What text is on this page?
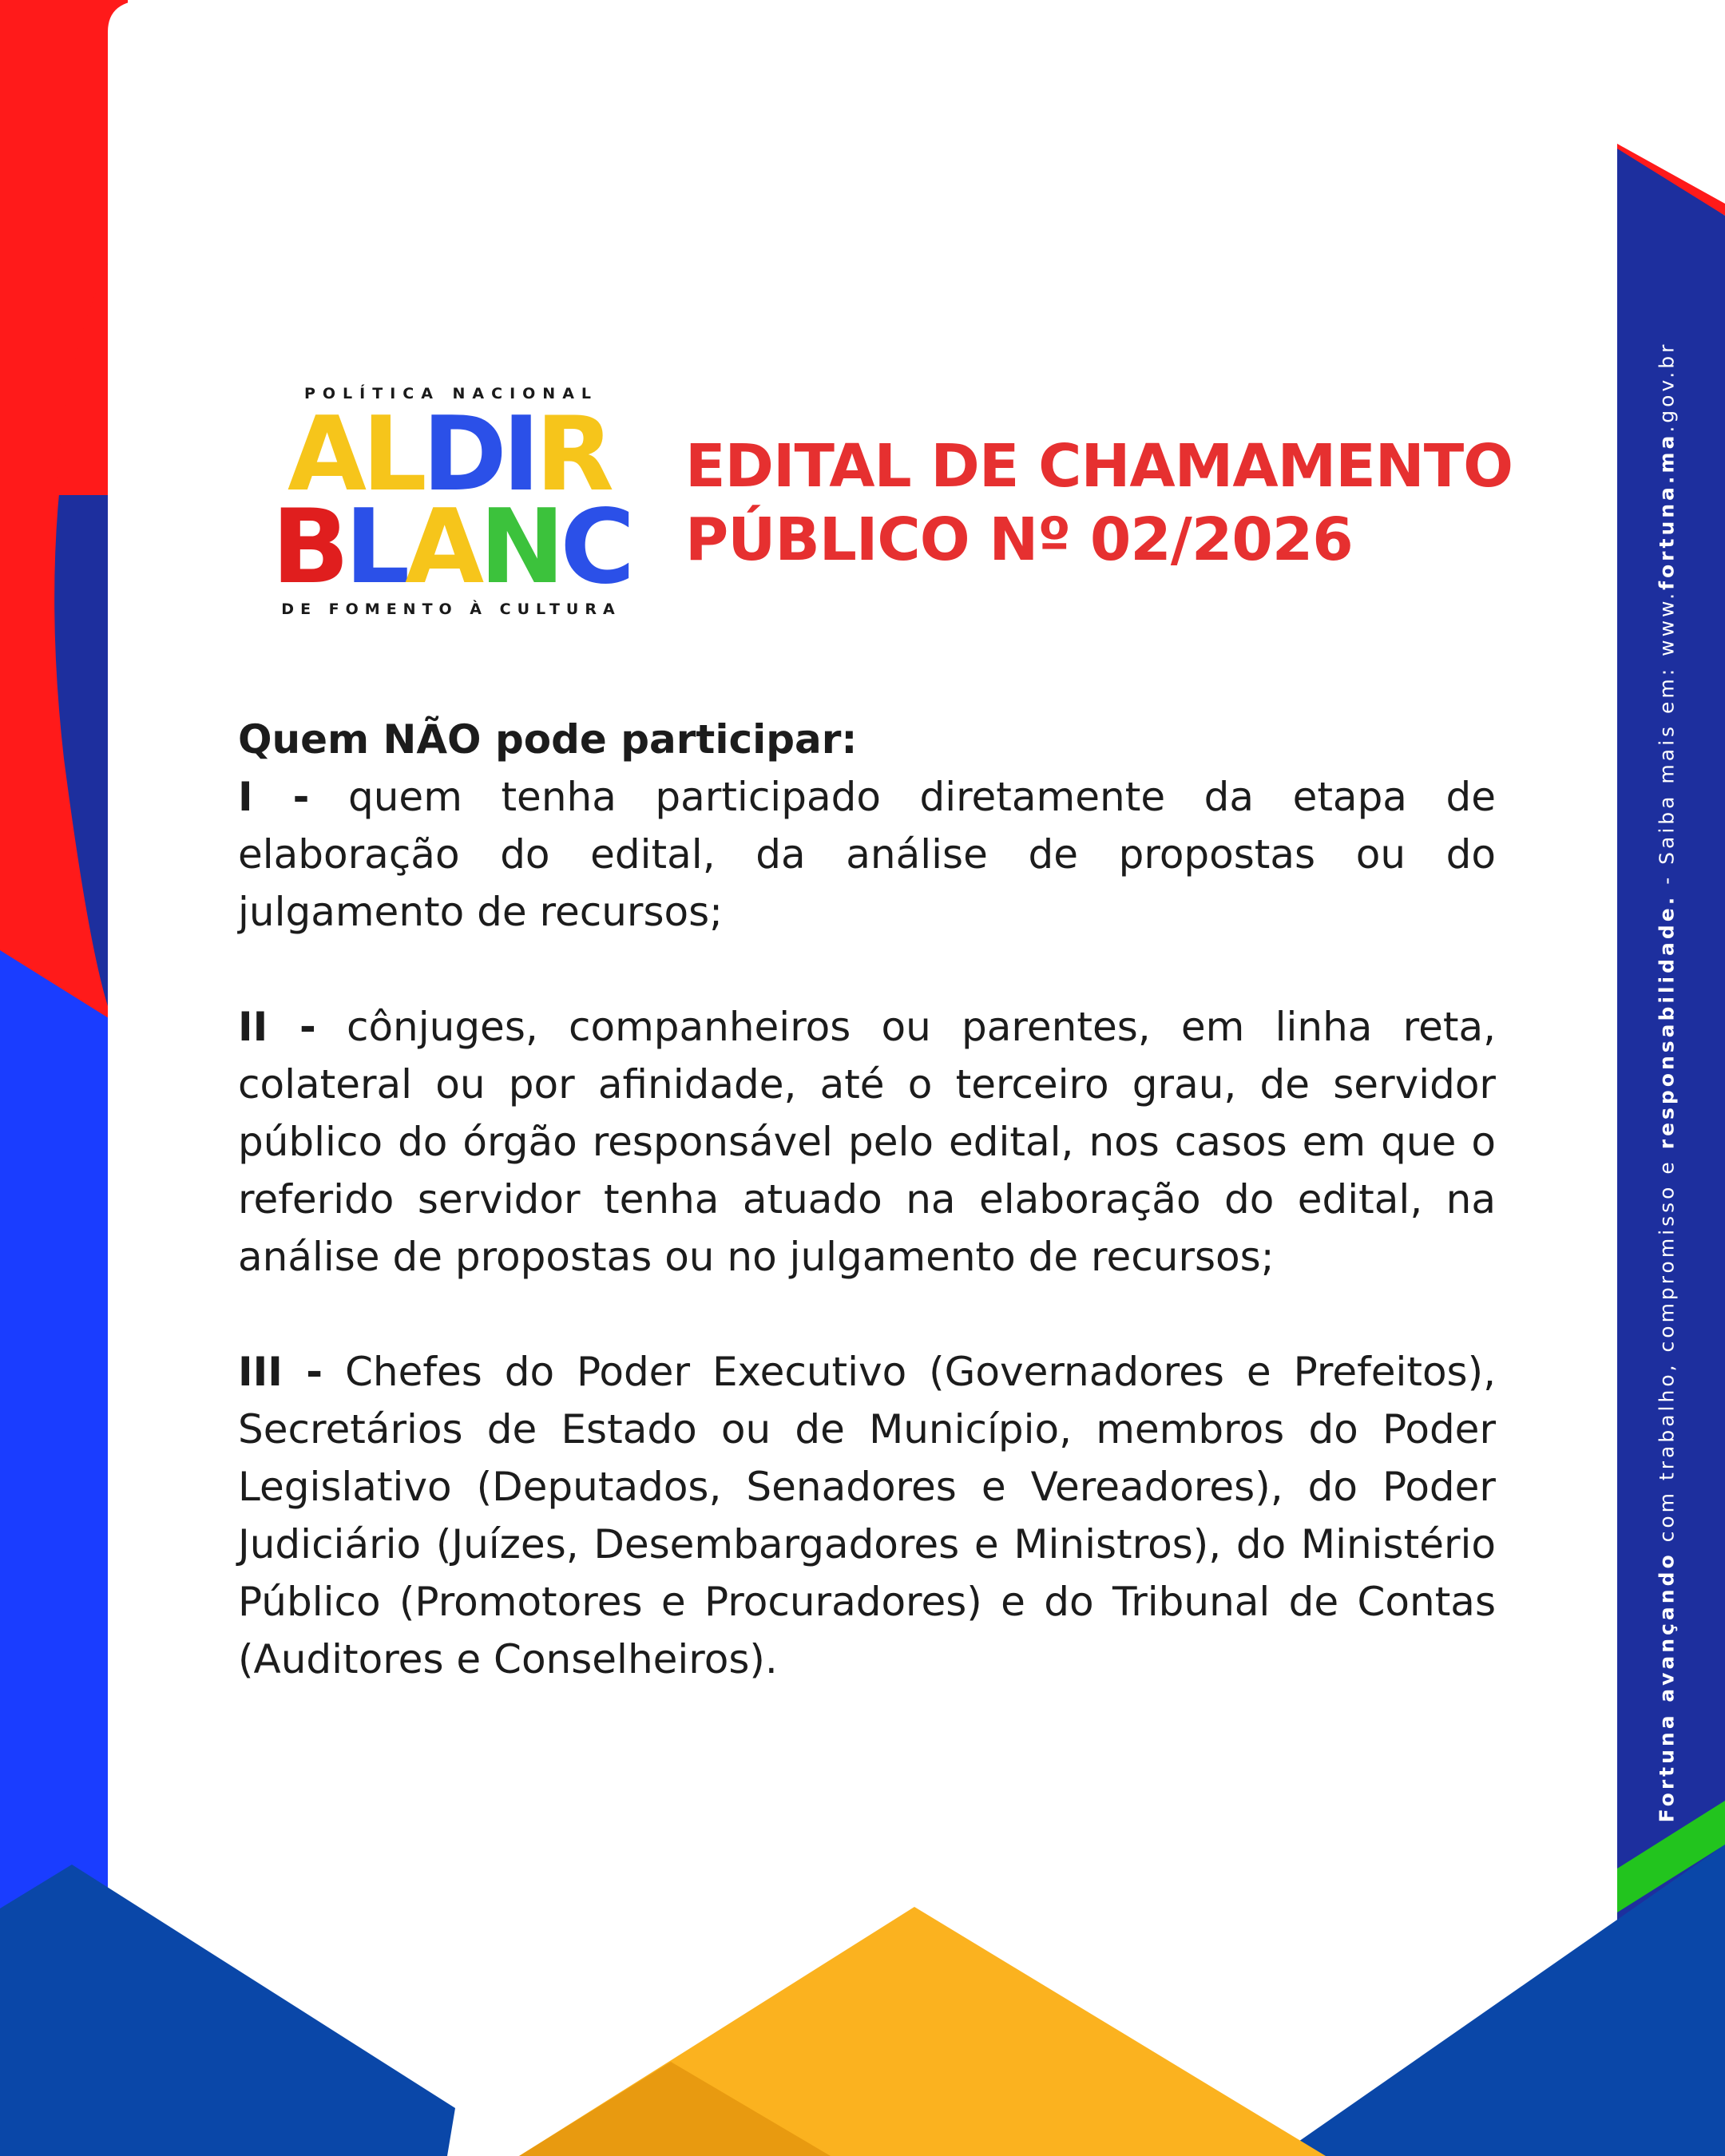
POLÍTICA NACIONAL
ALDIR
BLANC
DE FOMENTO À CULTURA
EDITAL DE CHAMAMENTO
PÚBLICO Nº 02/2026
Quem NÃO pode participar:
I - quem tenha participado diretamente da etapa de elaboração do edital, da análise de propostas ou do julgamento de recursos;
II - cônjuges, companheiros ou parentes, em linha reta, colateral ou por afinidade, até o terceiro grau, de servidor público do órgão responsável pelo edital, nos casos em que o referido servidor tenha atuado na elaboração do edital, na análise de propostas ou no julgamento de recursos;
III - Chefes do Poder Executivo (Governadores e Prefeitos), Secretários de Estado ou de Município, membros do Poder Legislativo (Deputados, Senadores e Vereadores), do Poder Judiciário (Juízes, Desembargadores e Ministros), do Ministério Público (Promotores e Procuradores) e do Tribunal de Contas (Auditores e Conselheiros).	Fortuna avançando com trabalho, compromisso e responsabilidade. - Saiba mais em: www.fortuna.ma.gov.br
